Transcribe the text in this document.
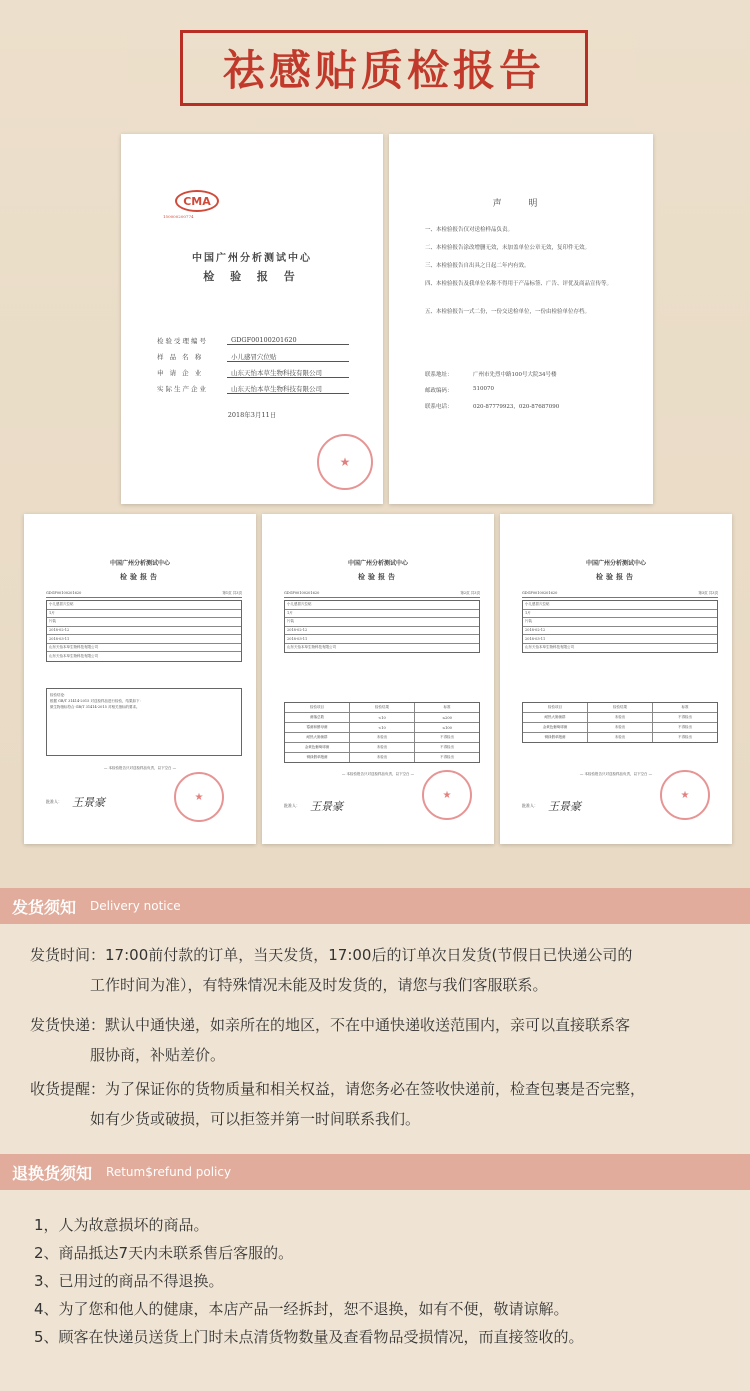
祛感贴质检报告
CMA
150000200774
中国广州分析测试中心
检 验 报 告
检验受理编号	GDGF00100201620
样 品 名 称	小儿感冒穴位贴
申 请 企 业	山东天怡本草生物科技有限公司
实际生产企业	山东天怡本草生物科技有限公司
2018年3月11日
★
声 明
一、本检验报告仅对送检样品负责。
二、本检验报告涂改增删无效，未加盖单位公章无效，复印件无效。
三、本检验报告自出具之日起二年内有效。
四、本检验报告及我单位名称不得用于产品标签、广告、评优及商品宣传等。
五、本检验报告一式二份，一份交送检单位，一份由检验单位存档。
联系地址：	广州市先烈中路100号大院34号楼
邮政编码：	510070
联系电话：	020-87779923，020-87687090
中国广州分析测试中心
检验报告
GDGF00100201620	第1页 共3页
小儿感冒穴位贴
1片
片装
2018-02-12
2018-03-11
山东天怡本草生物科技有限公司
山东天怡本草生物科技有限公司
检验结论：
根据 GB/T 31414-2015 对送检样品进行检验，结果如下：
微生物指标符合 GB/T 31414-2015 对相关指标的要求。
— 本检验报告只对送检样品负责，以下空白 —
批准人： 王景豪	★
中国广州分析测试中心
检验报告
GDGF00100201620	第2页 共3页
小儿感冒穴位贴
1片
片装
2018-02-12
2018-03-11
山东天怡本草生物科技有限公司
检验项目	检验结果	标准
菌落总数	<10	≤200
霉菌和酵母菌	<10	≤100
耐热大肠菌群	未检出	不得检出
金黄色葡萄球菌	未检出	不得检出
铜绿假单胞菌	未检出	不得检出
— 本检验报告只对送检样品负责，以下空白 —
批准人： 王景豪
★
中国广州分析测试中心
检验报告
GDGF00100201620	第3页 共3页
小儿感冒穴位贴
1片
片装
2018-02-12
2018-03-11
山东天怡本草生物科技有限公司
检验项目	检验结果	标准
耐热大肠菌群	未检出	不得检出
金黄色葡萄球菌	未检出	不得检出
铜绿假单胞菌	未检出	不得检出
— 本检验报告只对送检样品负责，以下空白 —
批准人： 王景豪
★
发货须知 Delivery notice
发货时间：17:00前付款的订单，当天发货，17:00后的订单次日发货(节假日已快递公司的
工作时间为准），有特殊情况未能及时发货的，请您与我们客服联系。
发货快递：默认中通快递，如亲所在的地区，不在中通快递收送范围内，亲可以直接联系客
服协商，补贴差价。
收货提醒：为了保证你的货物质量和相关权益，请您务必在签收快递前，检查包裹是否完整，
如有少货或破损，可以拒签并第一时间联系我们。
退换货须知 Retum$refund policy
1，人为故意损坏的商品。
2、商品抵达7天内未联系售后客服的。
3、已用过的商品不得退换。
4、为了您和他人的健康，本店产品一经拆封，恕不退换，如有不便，敬请谅解。
5、顾客在快递员送货上门时未点清货物数量及查看物品受损情况，而直接签收的。
